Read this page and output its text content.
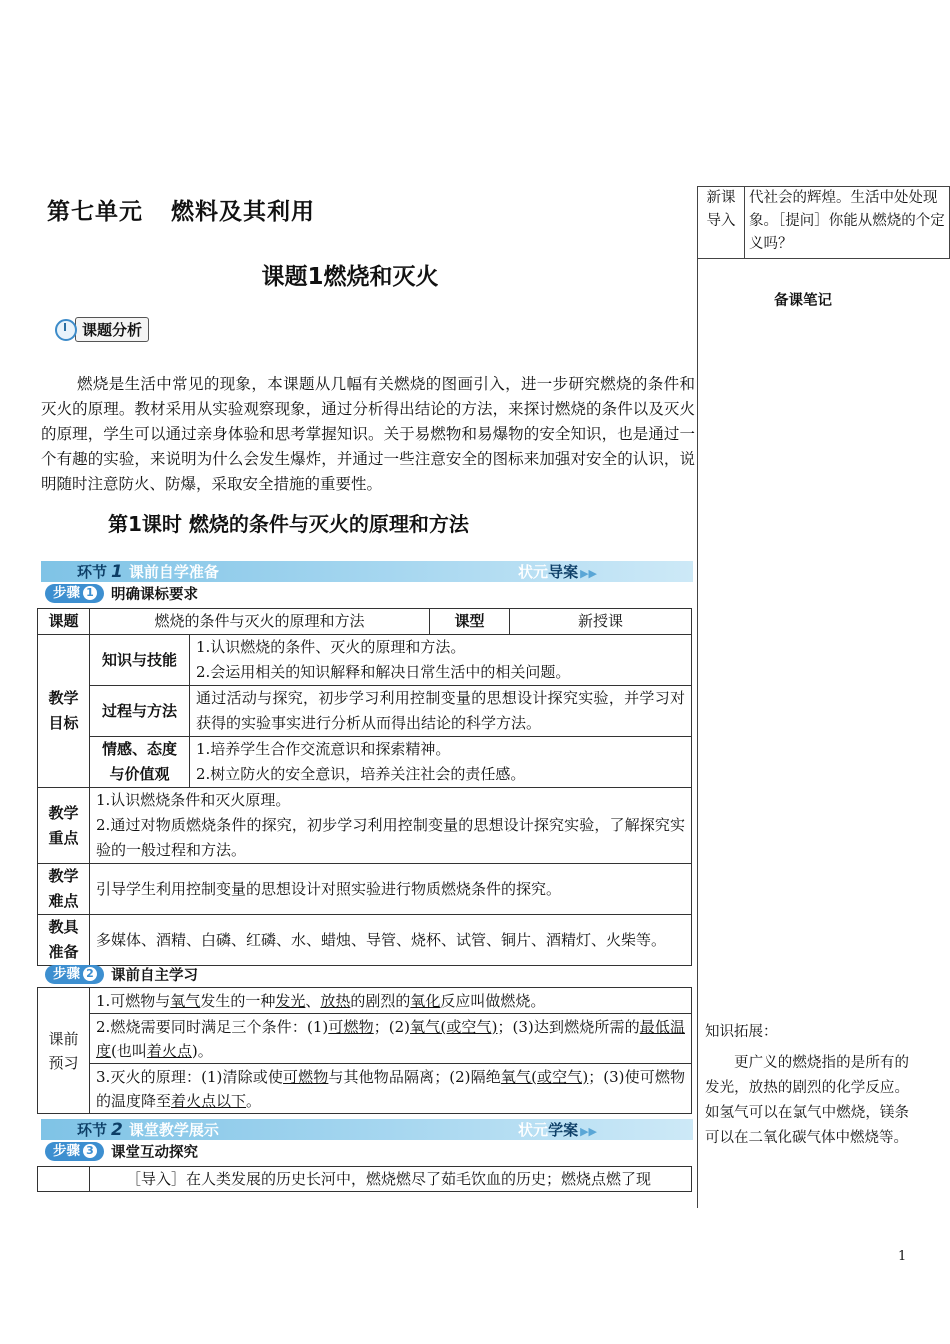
第七单元 燃料及其利用
课题1燃烧和灭火
课题分析
燃烧是生活中常见的现象，本课题从几幅有关燃烧的图画引入，进一步研究燃烧的条件和灭火的原理。教材采用从实验观察现象，通过分析得出结论的方法，来探讨燃烧的条件以及灭火的原理，学生可以通过亲身体验和思考掌握知识。关于易燃物和易爆物的安全知识，也是通过一个有趣的实验，来说明为什么会发生爆炸，并通过一些注意安全的图标来加强对安全的认识，说明随时注意防火、防爆，采取安全措施的重要性。
第1课时 燃烧的条件与灭火的原理和方法
环节 1 课前自学准备	状元导案 ▶▶
步骤 1 明确课标要求
课题	燃烧的条件与灭火的原理和方法		课型	新授课
教学目标	知识与技能	1.认识燃烧的条件、灭火的原理和方法。
2.会运用相关的知识解释和解决日常生活中的相关问题。		

	过程与方法	通过活动与探究，初步学习利用控制变量的思想设计探究实验，并学习对获得的实验事实进行分析从而得出结论的科学方法。		
	情感、态度与价值观	1.培养学生合作交流意识和探索精神。
2.树立防火的安全意识，培养关注社会的责任感。		

教学重点	1.认识燃烧条件和灭火原理。
2.通过对物质燃烧条件的探究，初步学习利用控制变量的思想设计探究实验，了解探究实验的一般过程和方法。			

教学难点	引导学生利用控制变量的思想设计对照实验进行物质燃烧条件的探究。			
教具准备	多媒体、酒精、白磷、红磷、水、蜡烛、导管、烧杯、试管、铜片、酒精灯、火柴等。			
步骤 2 课前自主学习
课前预习	1.可燃物与氧气发生的一种发光、放热的剧烈的氧化反应叫做燃烧。
2.燃烧需要同时满足三个条件：(1)可燃物；(2)氧气(或空气)；(3)达到燃烧所需的最低温度(也叫着火点)。
3.灭火的原理：(1)清除或使可燃物与其他物品隔离；(2)隔绝氧气(或空气)；(3)使可燃物的温度降至着火点以下。
环节 2 课堂教学展示	状元学案 ▶▶
步骤 3 课堂互动探究
	［导入］在人类发展的历史长河中，燃烧燃尽了茹毛饮血的历史；燃烧点燃了现
新课导入	代社会的辉煌。生活中处处现象。［提问］你能从燃烧的个定义吗？
备课笔记
知识拓展：
更广义的燃烧指的是所有的发光，放热的剧烈的化学反应。如氢气可以在氯气中燃烧，镁条可以在二氧化碳气体中燃烧等。
1
